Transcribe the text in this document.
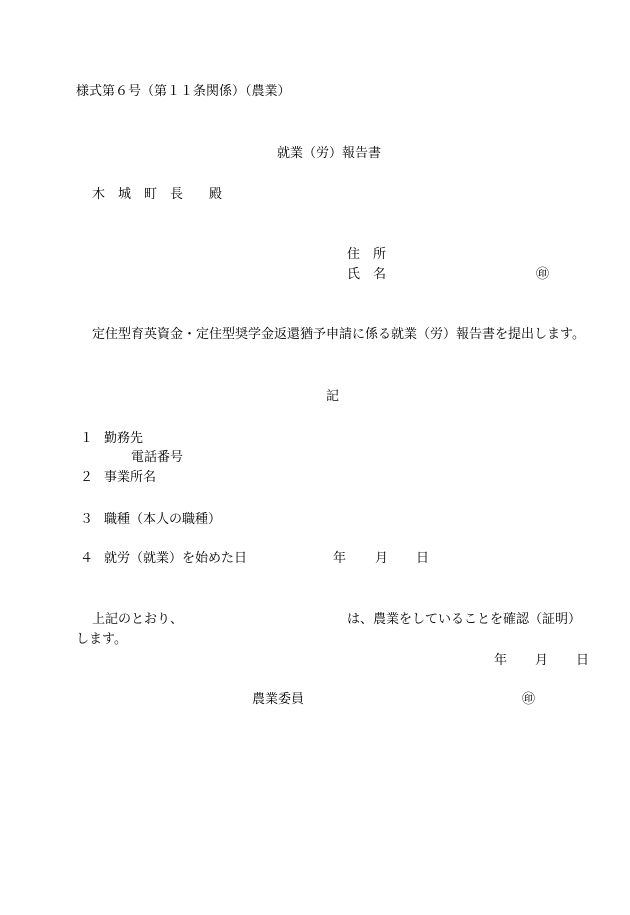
様式第６号（第１１条関係）（農業）
就業（労）報告書
木　城　町　長　　殿
住　所
氏　名	㊞
定住型育英資金・定住型奨学金返還猶予申請に係る就業（労）報告書を提出します。
記
１ 勤務先
電話番号
２ 事業所名
３ 職種（本人の職種）
４ 就労（就業）を始めた日	年 月 日
上記のとおり、	は、農業をしていることを確認（証明）
します。
年 月 日
農業委員	㊞
